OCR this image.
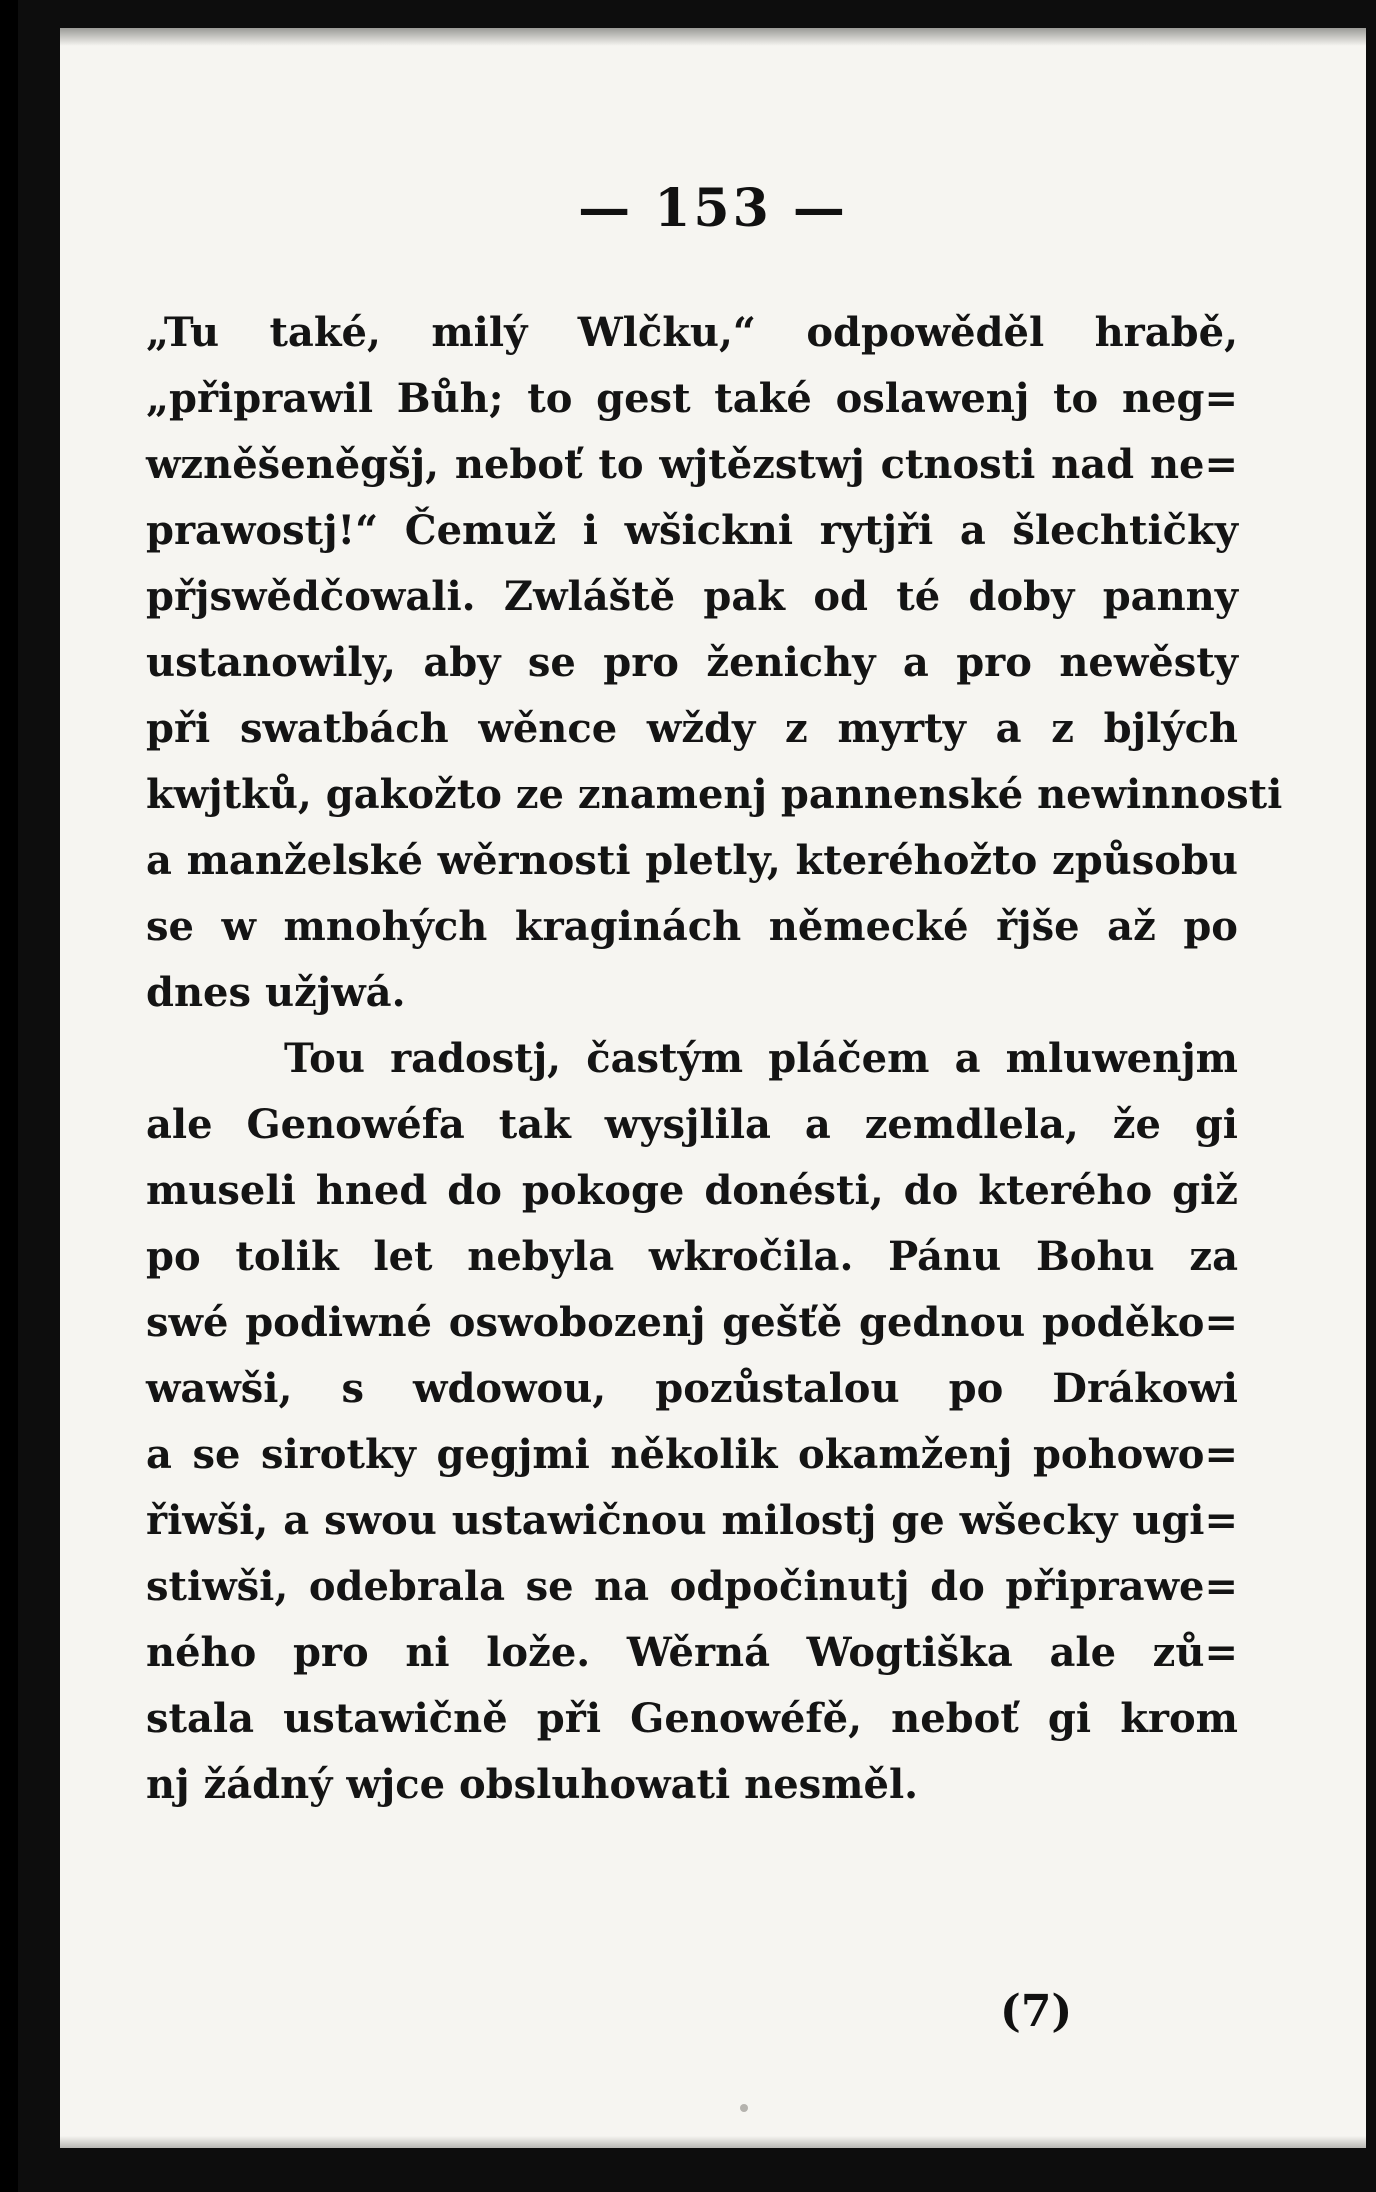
— 153 —
„Tu také, milý Wlčku,“ odpowěděl hrabě,
„připrawil Bůh; to gest také oslawenj to neg=
wzněšeněgšj, neboť to wjtězstwj ctnosti nad ne=
prawostj!“ Čemuž i wšickni rytjři a šlechtičky
přjswědčowali. Zwláště pak od té doby panny
ustanowily, aby se pro ženichy a pro newěsty
při swatbách wěnce wždy z myrty a z bjlých
kwjtků, gakožto ze znamenj pannenské newinnosti
a manželské wěrnosti pletly, kteréhožto způsobu
se w mnohých kraginách německé řjše až po
dnes užjwá.
Tou radostj, častým pláčem a mluwenjm
ale Genowéfa tak wysjlila a zemdlela, že gi
museli hned do pokoge donésti, do kterého giž
po tolik let nebyla wkročila. Pánu Bohu za
swé podiwné oswobozenj gešťě gednou poděko=
wawši, s wdowou, pozůstalou po Drákowi
a se sirotky gegjmi několik okamženj pohowo=
řiwši, a swou ustawičnou milostj ge wšecky ugi=
stiwši, odebrala se na odpočinutj do připrawe=
ného pro ni lože. Wěrná Wogtiška ale zů=
stala ustawičně při Genowéfě, neboť gi krom
nj žádný wjce obsluhowati nesměl.
(7)
